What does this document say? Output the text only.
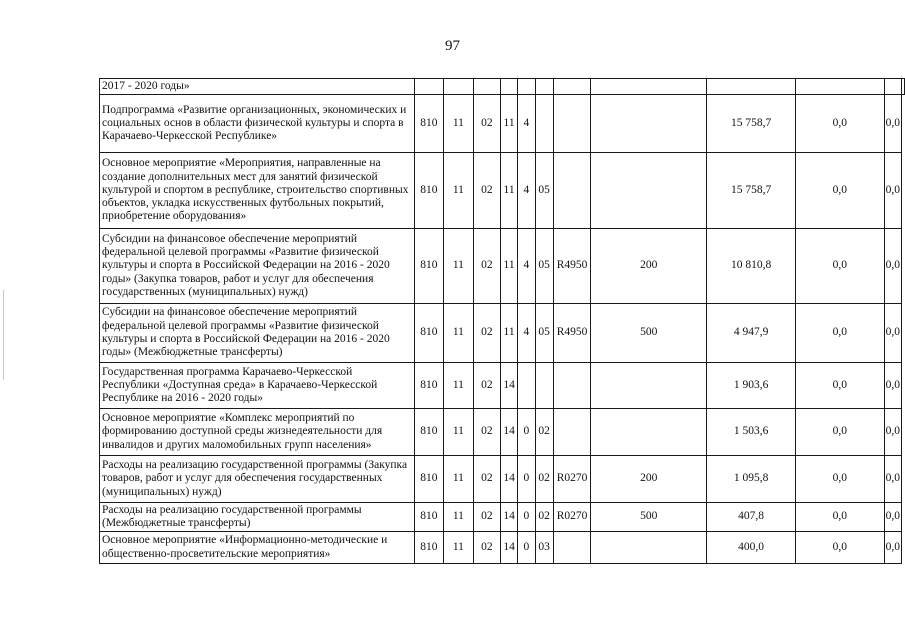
97
2017 - 2020 годы»												
Подпрограмма «Развитие организационных, экономических и социальных основ в области физической культуры и спорта в Карачаево-Черкесской Республике»	810	11	02	11	4				15 758,7	0,0	0,0	
Основное мероприятие «Мероприятия, направленные на создание дополнительных мест для занятий физической культурой и спортом в республике, строительство спортивных объектов, укладка искусственных футбольных покрытий, приобретение оборудования»	810	11	02	11	4	05			15 758,7	0,0	0,0	
Субсидии на финансовое обеспечение мероприятий федеральной целевой программы «Развитие физической культуры и спорта в Российской Федерации на 2016 - 2020 годы» (Закупка товаров, работ и услуг для обеспечения государственных (муниципальных) нужд)	810	11	02	11	4	05	R4950	200	10 810,8	0,0	0,0	
Субсидии на финансовое обеспечение мероприятий федеральной целевой программы «Развитие физической культуры и спорта в Российской Федерации на 2016 - 2020 годы» (Межбюджетные трансферты)	810	11	02	11	4	05	R4950	500	4 947,9	0,0	0,0	
Государственная программа Карачаево-Черкесской Республики «Доступная среда» в Карачаево-Черкесской Республике на 2016 - 2020 годы»	810	11	02	14					1 903,6	0,0	0,0	
Основное мероприятие «Комплекс мероприятий по формированию доступной среды жизнедеятельности для инвалидов и других маломобильных групп населения»	810	11	02	14	0	02			1 503,6	0,0	0,0	
Расходы на реализацию государственной программы (Закупка товаров, работ и услуг для обеспечения государственных (муниципальных) нужд)	810	11	02	14	0	02	R0270	200	1 095,8	0,0	0,0	
Расходы на реализацию государственной программы (Межбюджетные трансферты)	810	11	02	14	0	02	R0270	500	407,8	0,0	0,0	
Основное мероприятие «Информационно-методические и общественно-просветительские мероприятия»	810	11	02	14	0	03			400,0	0,0	0,0	
